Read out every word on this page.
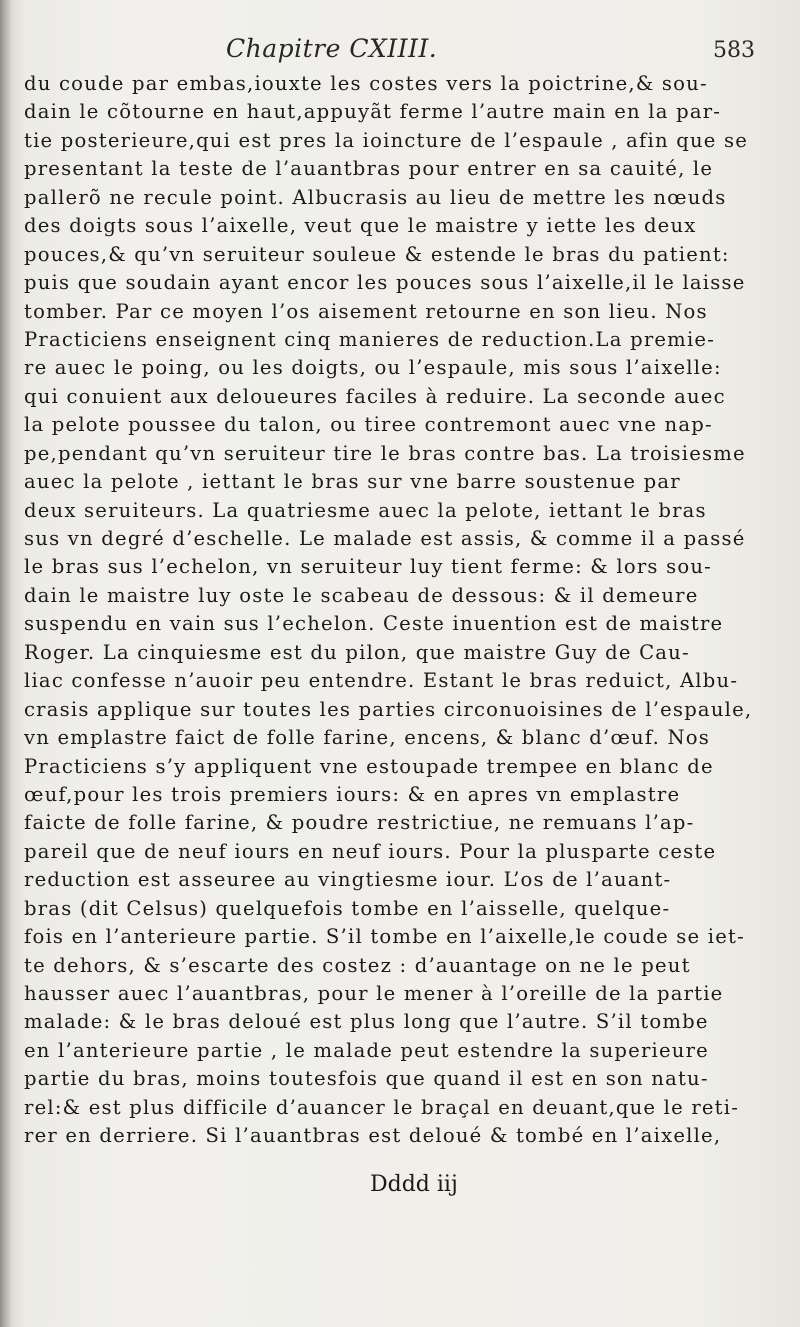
Chapitre CXIIII.	583
du coude par embas,iouxte les costes vers la poictrine,& sou-
dain le cõtourne en haut,appuyãt ferme l’autre main en la par-
tie posterieure,qui est pres la ioincture de l’espaule , afin que se
presentant la teste de l’auantbras pour entrer en sa cauité, le
pallerõ ne recule point. Albucrasis au lieu de mettre les nœuds
des doigts sous l’aixelle, veut que le maistre y iette les deux
pouces,& qu’vn seruiteur souleue & estende le bras du patient:
puis que soudain ayant encor les pouces sous l’aixelle,il le laisse
tomber. Par ce moyen l’os aisement retourne en son lieu. Nos
Practiciens enseignent cinq manieres de reduction.La premie-
re auec le poing, ou les doigts, ou l’espaule, mis sous l’aixelle:
qui conuient aux deloueures faciles à reduire. La seconde auec
la pelote poussee du talon, ou tiree contremont auec vne nap-
pe,pendant qu’vn seruiteur tire le bras contre bas. La troisiesme
auec la pelote , iettant le bras sur vne barre soustenue par
deux seruiteurs. La quatriesme auec la pelote, iettant le bras
sus vn degré d’eschelle. Le malade est assis, & comme il a passé
le bras sus l’echelon, vn seruiteur luy tient ferme: & lors sou-
dain le maistre luy oste le scabeau de dessous: & il demeure
suspendu en vain sus l’echelon. Ceste inuention est de maistre
Roger. La cinquiesme est du pilon, que maistre Guy de Cau-
liac confesse n’auoir peu entendre. Estant le bras reduict, Albu-
crasis applique sur toutes les parties circonuoisines de l’espaule,
vn emplastre faict de folle farine, encens, & blanc d’œuf. Nos
Practiciens s’y appliquent vne estoupade trempee en blanc de
œuf,pour les trois premiers iours: & en apres vn emplastre
faicte de folle farine, & poudre restrictiue, ne remuans l’ap-
pareil que de neuf iours en neuf iours. Pour la plusparte ceste
reduction est asseuree au vingtiesme iour. L’os de l’auant-
bras (dit Celsus) quelquefois tombe en l’aisselle, quelque-
fois en l’anterieure partie. S’il tombe en l’aixelle,le coude se iet-
te dehors, & s’escarte des costez : d’auantage on ne le peut
hausser auec l’auantbras, pour le mener à l’oreille de la partie
malade: & le bras deloué est plus long que l’autre. S’il tombe
en l’anterieure partie , le malade peut estendre la superieure
partie du bras, moins toutesfois que quand il est en son natu-
rel:& est plus difficile d’auancer le braçal en deuant,que le reti-
rer en derriere. Si l’auantbras est deloué & tombé en l’aixelle,
Dddd iij
